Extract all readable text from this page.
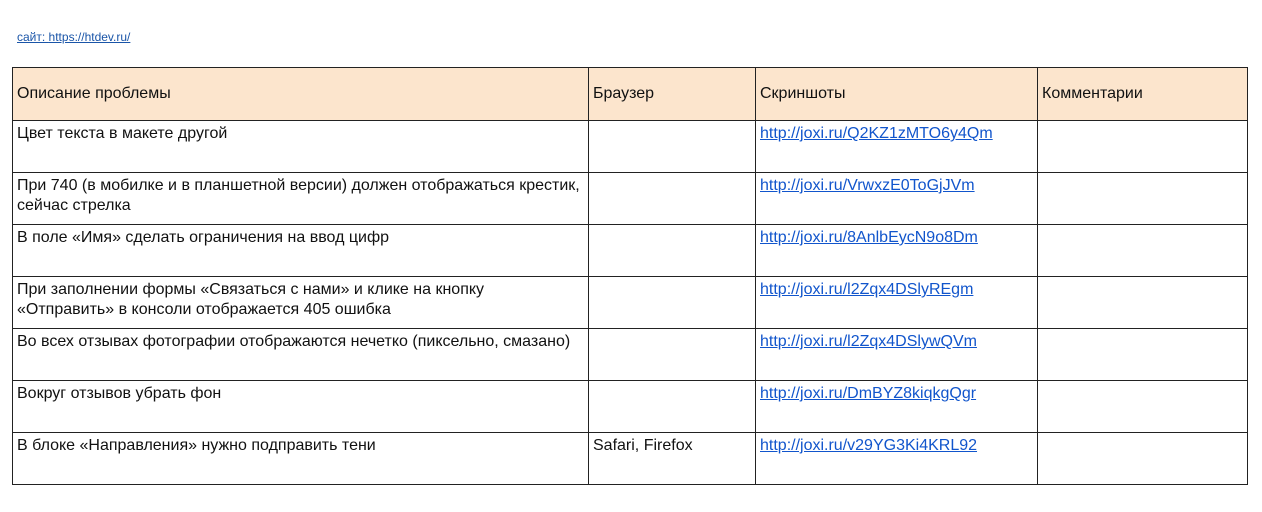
сайт: https://htdev.ru/
Описание проблемы	Браузер	Скриншоты	Комментарии
Цвет текста в макете другой		http://joxi.ru/Q2KZ1zMTO6y4Qm	
При 740 (в мобилке и в планшетной версии) должен отображаться крестик, сейчас стрелка		http://joxi.ru/VrwxzE0ToGjJVm	
В поле «Имя» сделать ограничения на ввод цифр		http://joxi.ru/8AnlbEycN9o8Dm	
При заполнении формы «Связаться с нами» и клике на кнопку «Отправить» в консоли отображается 405 ошибка		http://joxi.ru/l2Zqx4DSlyREgm	
Во всех отзывах фотографии отображаются нечетко (пиксельно, смазано)		http://joxi.ru/l2Zqx4DSlywQVm	
Вокруг отзывов убрать фон		http://joxi.ru/DmBYZ8kiqkgQgr	
В блоке «Направления» нужно подправить тени	Safari, Firefox	http://joxi.ru/v29YG3Ki4KRL92	
